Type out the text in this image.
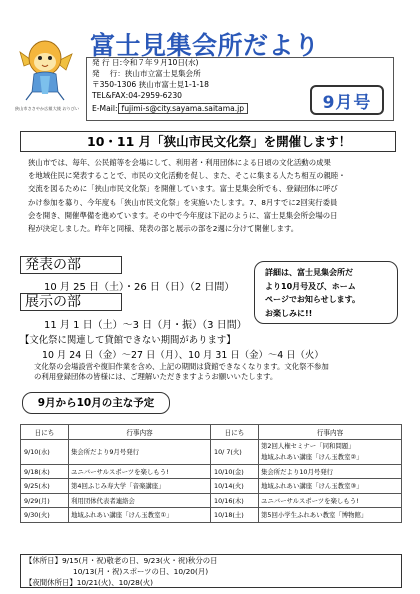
狭山市ささやか広報大使 おりびい
富士見集会所だより
発 行 日:令和７年９月10日(水)
発　 行：狭山市立富士見集会所
〒350-1306 狭山市富士見1-1-18
TEL&FAX:04-2959-6230
E-Mail: fujimi-s@city.sayama.saitama.jp	9月号
10・11 月「狭山市民文化祭」を開催します！
狭山市では、毎年、公民館等を会場にして、利用者・利用団体による日頃の文化活動の成果
を地域住民に発表することで、市民の文化活動を促し、また、そこに集まる人たち相互の親睦・
交流を図るために「狭山市民文化祭」を開催しています。富士見集会所でも、登録団体に呼び
かけ参加を募り、今年度も「狭山市民文化祭」を実施いたします。7、8月すでに2回実行委員
会を開き、開催準備を進めています。その中で今年度は下記のように、富士見集会所会場の日
程が決定しました。昨年と同様、発表の部と展示の部を2週に分けて開催します。
発表の部
10 月 25 日（土）・26 日（日）（2 日間）
展示の部
11 月 1 日（土）～3 日（月・振）（3 日間）
詳細は、富士見集会所だ
より10月号及び、ホーム
ページでお知らせします。
お楽しみに!!
【文化祭に関連して貸館できない期間があります】
10 月 24 日（金）～27 日（月）、10 月 31 日（金）～4 日（火）
文化祭の会場設営や復旧作業を含め、上記の期間は貸館できなくなります。文化祭不参加
の利用登録団体の皆様には、ご理解いただきますようお願いいたします。
9月から10月の主な予定
日にち	行事内容	日にち	行事内容
9/10(水)	集会所だより9月号発行	10/ 7(火)	第2回人権セミナー「同和問題」
地域ふれあい講座「けん玉教室②」

9/18(木)	ユニバーサルスポーツを楽しもう!	10/10(金)	集会所だより10月号発行
9/25(木)	第4回ふじみ寿大学「音楽講座」	10/14(火)	地域ふれあい講座「けん玉教室③」
9/29(月)	利用団体代表者連絡会	10/16(木)	ユニバーサルスポーツを楽しもう!
9/30(火)	地域ふれあい講座「けん玉教室①」	10/18(土)	第5回小学生ふれあい教室「博物館」
【休所日】9/15(月・祝)敬老の日、9/23(火・祝)秋分の日
10/13(月・祝)スポーツの日、10/20(月)
【夜間休所日】10/21(火)、10/28(火)
